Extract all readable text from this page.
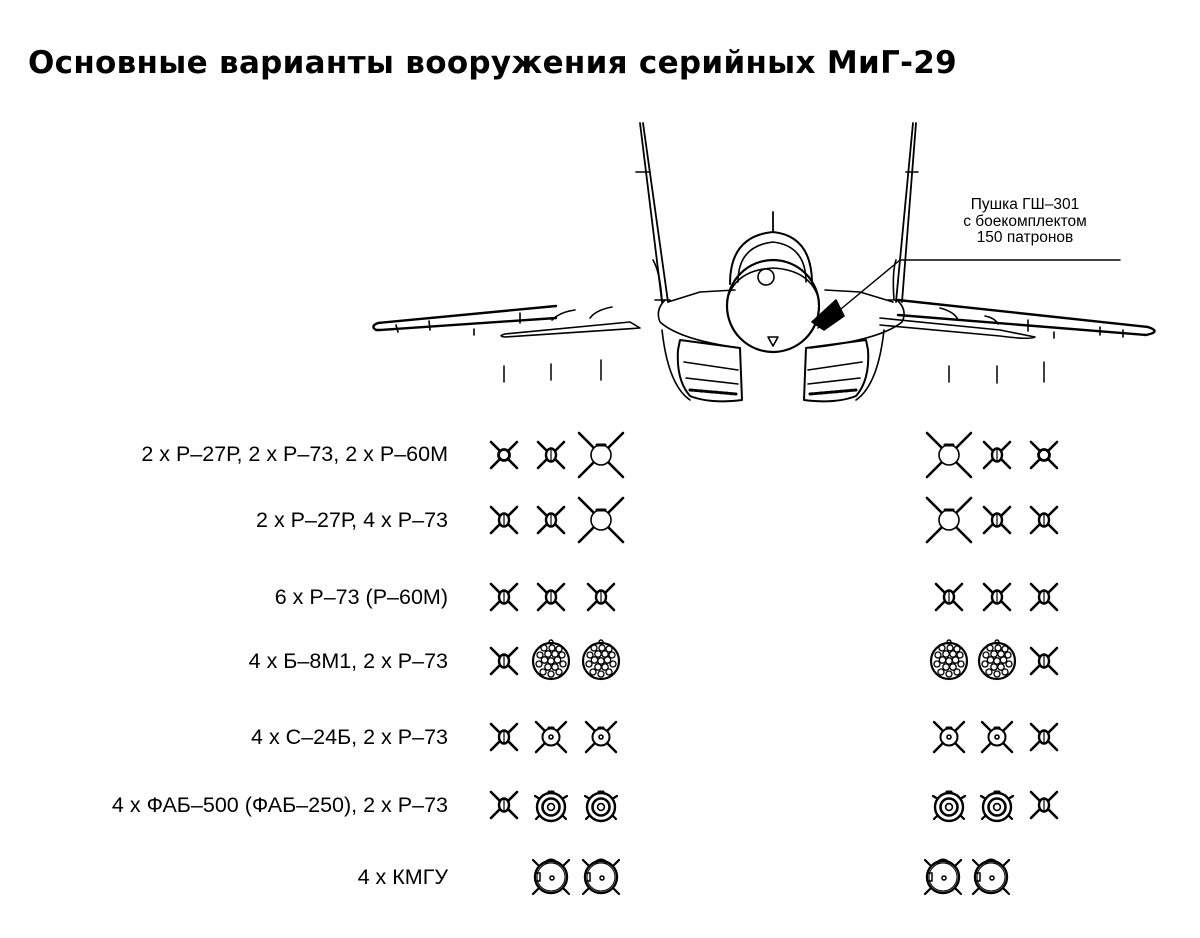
Основные варианты вооружения серийных МиГ-29
Пушка ГШ–301
с боекомплектом
150 патронов
2 x Р–27Р, 2 x Р–73, 2 x Р–60М
2 x Р–27Р, 4 x Р–73
6 x Р–73 (Р–60М)
4 x Б–8М1, 2 x Р–73
4 x С–24Б, 2 x Р–73
4 x ФАБ–500 (ФАБ–250), 2 x Р–73
4 x КМГУ
